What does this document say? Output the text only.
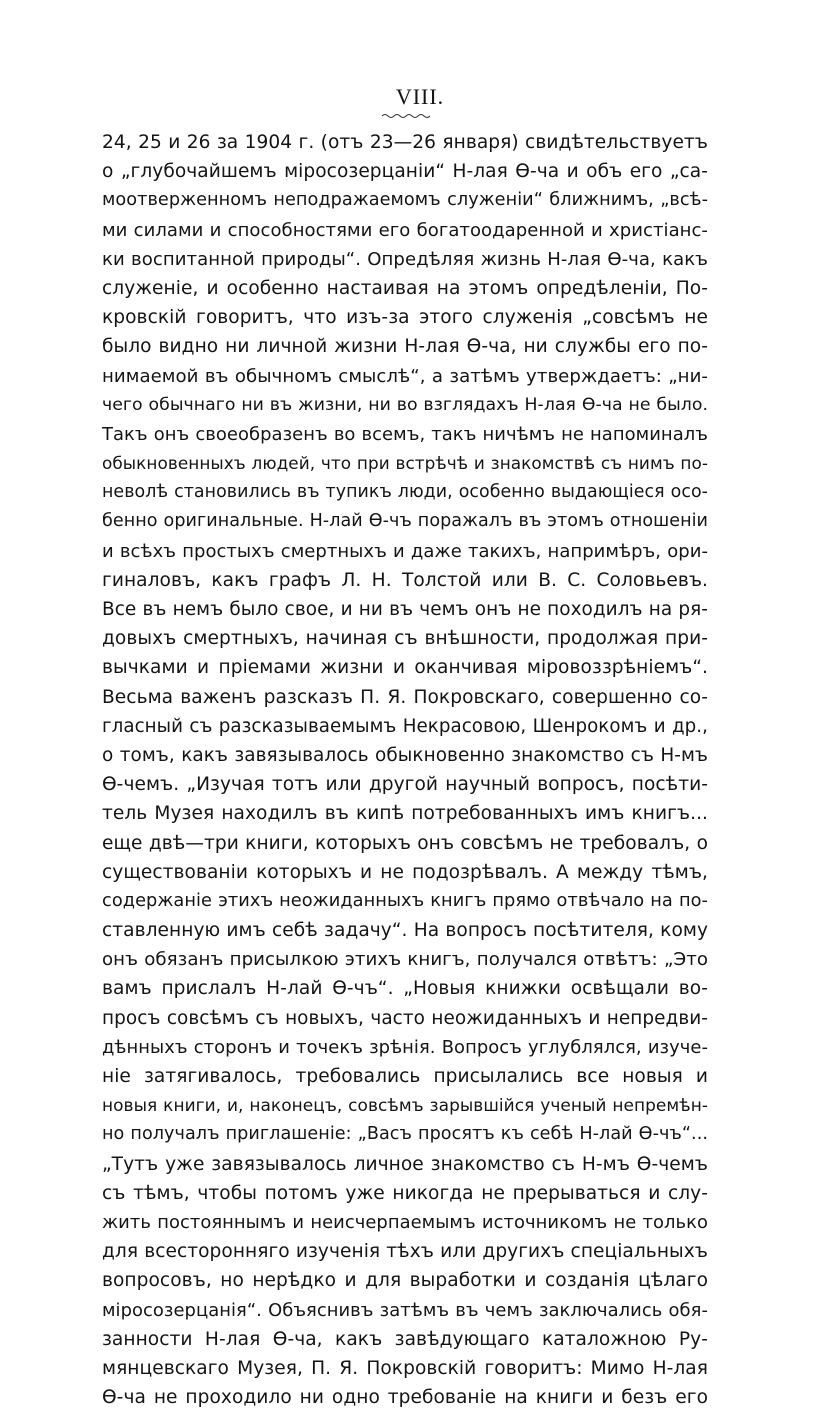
VIII.
24, 25 и 26 за 1904 г. (отъ 23—26 января) свидѣтельствуетъ
о „глубочайшемъ мiросозерцанiи“ Н-лая Ѳ-ча и объ его „са-
моотверженномъ неподражаемомъ служенiи“ ближнимъ, „всѣ-
ми силами и способностями его богатоодаренной и христiанс-
ки воспитанной природы“. Опредѣляя жизнь Н-лая Ѳ-ча, какъ
служенiе, и особенно настаивая на этомъ опредѣленiи, По-
кровскiй говоритъ, что изъ-за этого служенiя „совсѣмъ не
было видно ни личной жизни Н-лая Ѳ-ча, ни службы его по-
нимаемой въ обычномъ смыслѣ“, а затѣмъ утверждаетъ: „ни-
чего обычнаго ни въ жизни, ни во взглядахъ Н-лая Ѳ-ча не было.
Такъ онъ своеобразенъ во всемъ, такъ ничѣмъ не напоминалъ
обыкновенныхъ людей, что при встрѣчѣ и знакомствѣ съ нимъ по-
неволѣ становились въ тупикъ люди, особенно выдающiеся осо-
бенно оригинальные. Н-лай Ѳ-чъ поражалъ въ этомъ отношенiи
и всѣхъ простыхъ смертныхъ и даже такихъ, напримѣръ, ори-
гиналовъ, какъ графъ Л. Н. Толстой или В. С. Соловьевъ.
Все въ немъ было свое, и ни въ чемъ онъ не походилъ на ря-
довыхъ смертныхъ, начиная съ внѣшности, продолжая при-
вычками и прiемами жизни и оканчивая мiровоззрѣнiемъ“.
Весьма важенъ разсказъ П. Я. Покровскаго, совершенно со-
гласный съ разсказываемымъ Некрасовою, Шенрокомъ и др.,
о томъ, какъ завязывалось обыкновенно знакомство съ Н-мъ
Ѳ-чемъ. „Изучая тотъ или другой научный вопросъ, посѣти-
тель Музея находилъ въ кипѣ потребованныхъ имъ книгъ...
еще двѣ—три книги, которыхъ онъ совсѣмъ не требовалъ, о
существованiи которыхъ и не подозрѣвалъ. А между тѣмъ,
содержанiе этихъ неожиданныхъ книгъ прямо отвѣчало на по-
ставленную имъ себѣ задачу“. На вопросъ посѣтителя, кому
онъ обязанъ присылкою этихъ книгъ, получался отвѣтъ: „Это
вамъ прислалъ Н-лай Ѳ-чъ“. „Новыя книжки освѣщали во-
просъ совсѣмъ съ новыхъ, часто неожиданныхъ и непредви-
дѣнныхъ сторонъ и точекъ зрѣнiя. Вопросъ углублялся, изуче-
нiе затягивалось, требовались присылались все новыя и
новыя книги, и, наконецъ, совсѣмъ зарывшiйся ученый непремѣн-
но получалъ приглашенiе: „Васъ просятъ къ себѣ Н-лай Ѳ-чъ“...
„Тутъ уже завязывалось личное знакомство съ Н-мъ Ѳ-чемъ
съ тѣмъ, чтобы потомъ уже никогда не прерываться и слу-
жить постояннымъ и неисчерпаемымъ источникомъ не только
для всесторонняго изученiя тѣхъ или другихъ спецiальныхъ
вопросовъ, но нерѣдко и для выработки и созданiя цѣлаго
мiросозерцанiя“. Объяснивъ затѣмъ въ чемъ заключались обя-
занности Н-лая Ѳ-ча, какъ завѣдующаго каталожною Ру-
мянцевскаго Музея, П. Я. Покровскiй говоритъ: Мимо Н-лая
Ѳ-ча не проходило ни одно требованiе на книги и безъ его
